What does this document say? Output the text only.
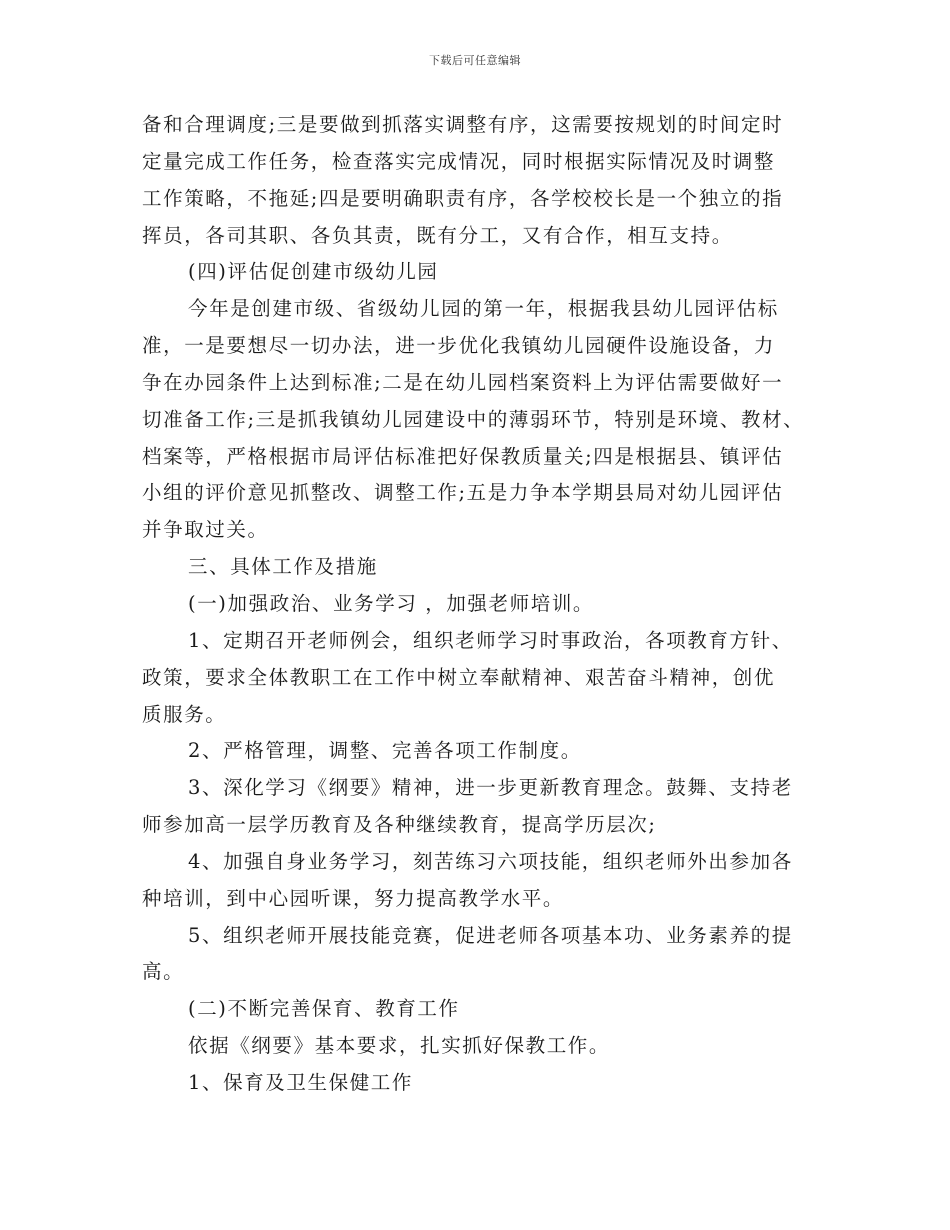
下载后可任意编辑
备和合理调度;三是要做到抓落实调整有序，这需要按规划的时间定时
定量完成工作任务，检查落实完成情况，同时根据实际情况及时调整
工作策略，不拖延;四是要明确职责有序，各学校校长是一个独立的指
挥员，各司其职、各负其责，既有分工，又有合作，相互支持。
(四)评估促创建市级幼儿园
今年是创建市级、省级幼儿园的第一年，根据我县幼儿园评估标
准，一是要想尽一切办法，进一步优化我镇幼儿园硬件设施设备，力
争在办园条件上达到标准;二是在幼儿园档案资料上为评估需要做好一
切准备工作;三是抓我镇幼儿园建设中的薄弱环节，特别是环境、教材、
档案等，严格根据市局评估标准把好保教质量关;四是根据县、镇评估
小组的评价意见抓整改、调整工作;五是力争本学期县局对幼儿园评估
并争取过关。
三、具体工作及措施
(一)加强政治、业务学习 ，加强老师培训。
1、定期召开老师例会，组织老师学习时事政治，各项教育方针、
政策，要求全体教职工在工作中树立奉献精神、艰苦奋斗精神，创优
质服务。
2、严格管理，调整、完善各项工作制度。
3、深化学习《纲要》精神，进一步更新教育理念。鼓舞、支持老
师参加高一层学历教育及各种继续教育，提高学历层次;
4、加强自身业务学习，刻苦练习六项技能，组织老师外出参加各
种培训，到中心园听课，努力提高教学水平。
5、组织老师开展技能竞赛，促进老师各项基本功、业务素养的提
高。
(二)不断完善保育、教育工作
依据《纲要》基本要求，扎实抓好保教工作。
1、保育及卫生保健工作
